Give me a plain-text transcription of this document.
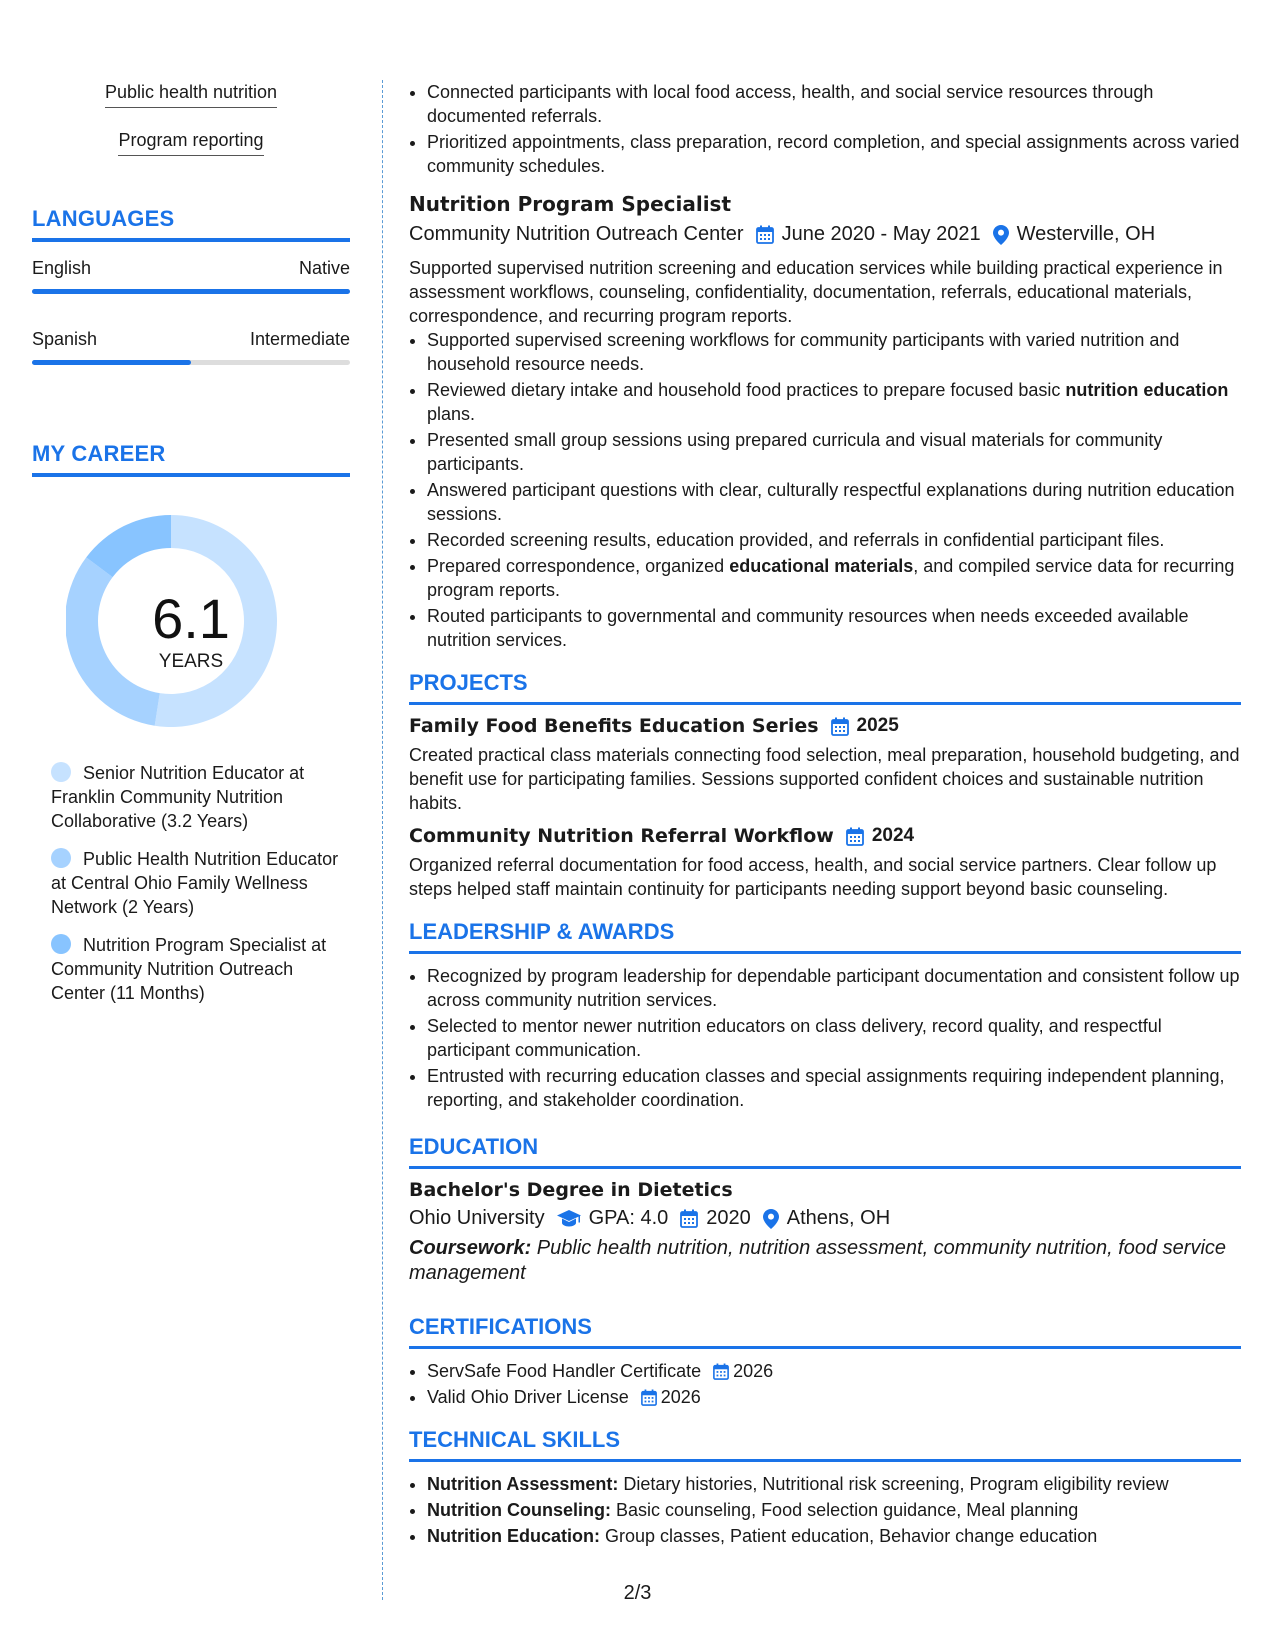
Public health nutrition
Program reporting
LANGUAGES
English	Native
Spanish	Intermediate
MY CAREER
6.1
YEARS
Senior Nutrition Educator at Franklin Community Nutrition Collaborative (3.2 Years)
Public Health Nutrition Educator at Central Ohio Family Wellness Network (2 Years)
Nutrition Program Specialist at Community Nutrition Outreach Center (11 Months)
• Connected participants with local food access, health, and social service resources through documented referrals.
• Prioritized appointments, class preparation, record completion, and special assignments across varied community schedules.
Nutrition Program Specialist
Community Nutrition Outreach Center June 2020 - May 2021 Westerville, OH
Supported supervised nutrition screening and education services while building practical experience in assessment workflows, counseling, confidentiality, documentation, referrals, educational materials, correspondence, and recurring program reports.
• Supported supervised screening workflows for community participants with varied nutrition and household resource needs.
• Reviewed dietary intake and household food practices to prepare focused basic nutrition education plans.
• Presented small group sessions using prepared curricula and visual materials for community participants.
• Answered participant questions with clear, culturally respectful explanations during nutrition education sessions.
• Recorded screening results, education provided, and referrals in confidential participant files.
• Prepared correspondence, organized educational materials, and compiled service data for recurring program reports.
• Routed participants to governmental and community resources when needs exceeded available nutrition services.
PROJECTS
Family Food Benefits Education Series 2025
Created practical class materials connecting food selection, meal preparation, household budgeting, and benefit use for participating families. Sessions supported confident choices and sustainable nutrition habits.
Community Nutrition Referral Workflow 2024
Organized referral documentation for food access, health, and social service partners. Clear follow up steps helped staff maintain continuity for participants needing support beyond basic counseling.
LEADERSHIP & AWARDS
• Recognized by program leadership for dependable participant documentation and consistent follow up across community nutrition services.
• Selected to mentor newer nutrition educators on class delivery, record quality, and respectful participant communication.
• Entrusted with recurring education classes and special assignments requiring independent planning, reporting, and stakeholder coordination.
EDUCATION
Bachelor's Degree in Dietetics
Ohio University GPA: 4.0 2020 Athens, OH
Coursework: Public health nutrition, nutrition assessment, community nutrition, food service management
CERTIFICATIONS
• ServSafe Food Handler Certificate 2026
• Valid Ohio Driver License 2026
TECHNICAL SKILLS
• Nutrition Assessment: Dietary histories, Nutritional risk screening, Program eligibility review
• Nutrition Counseling: Basic counseling, Food selection guidance, Meal planning
• Nutrition Education: Group classes, Patient education, Behavior change education
2/3
